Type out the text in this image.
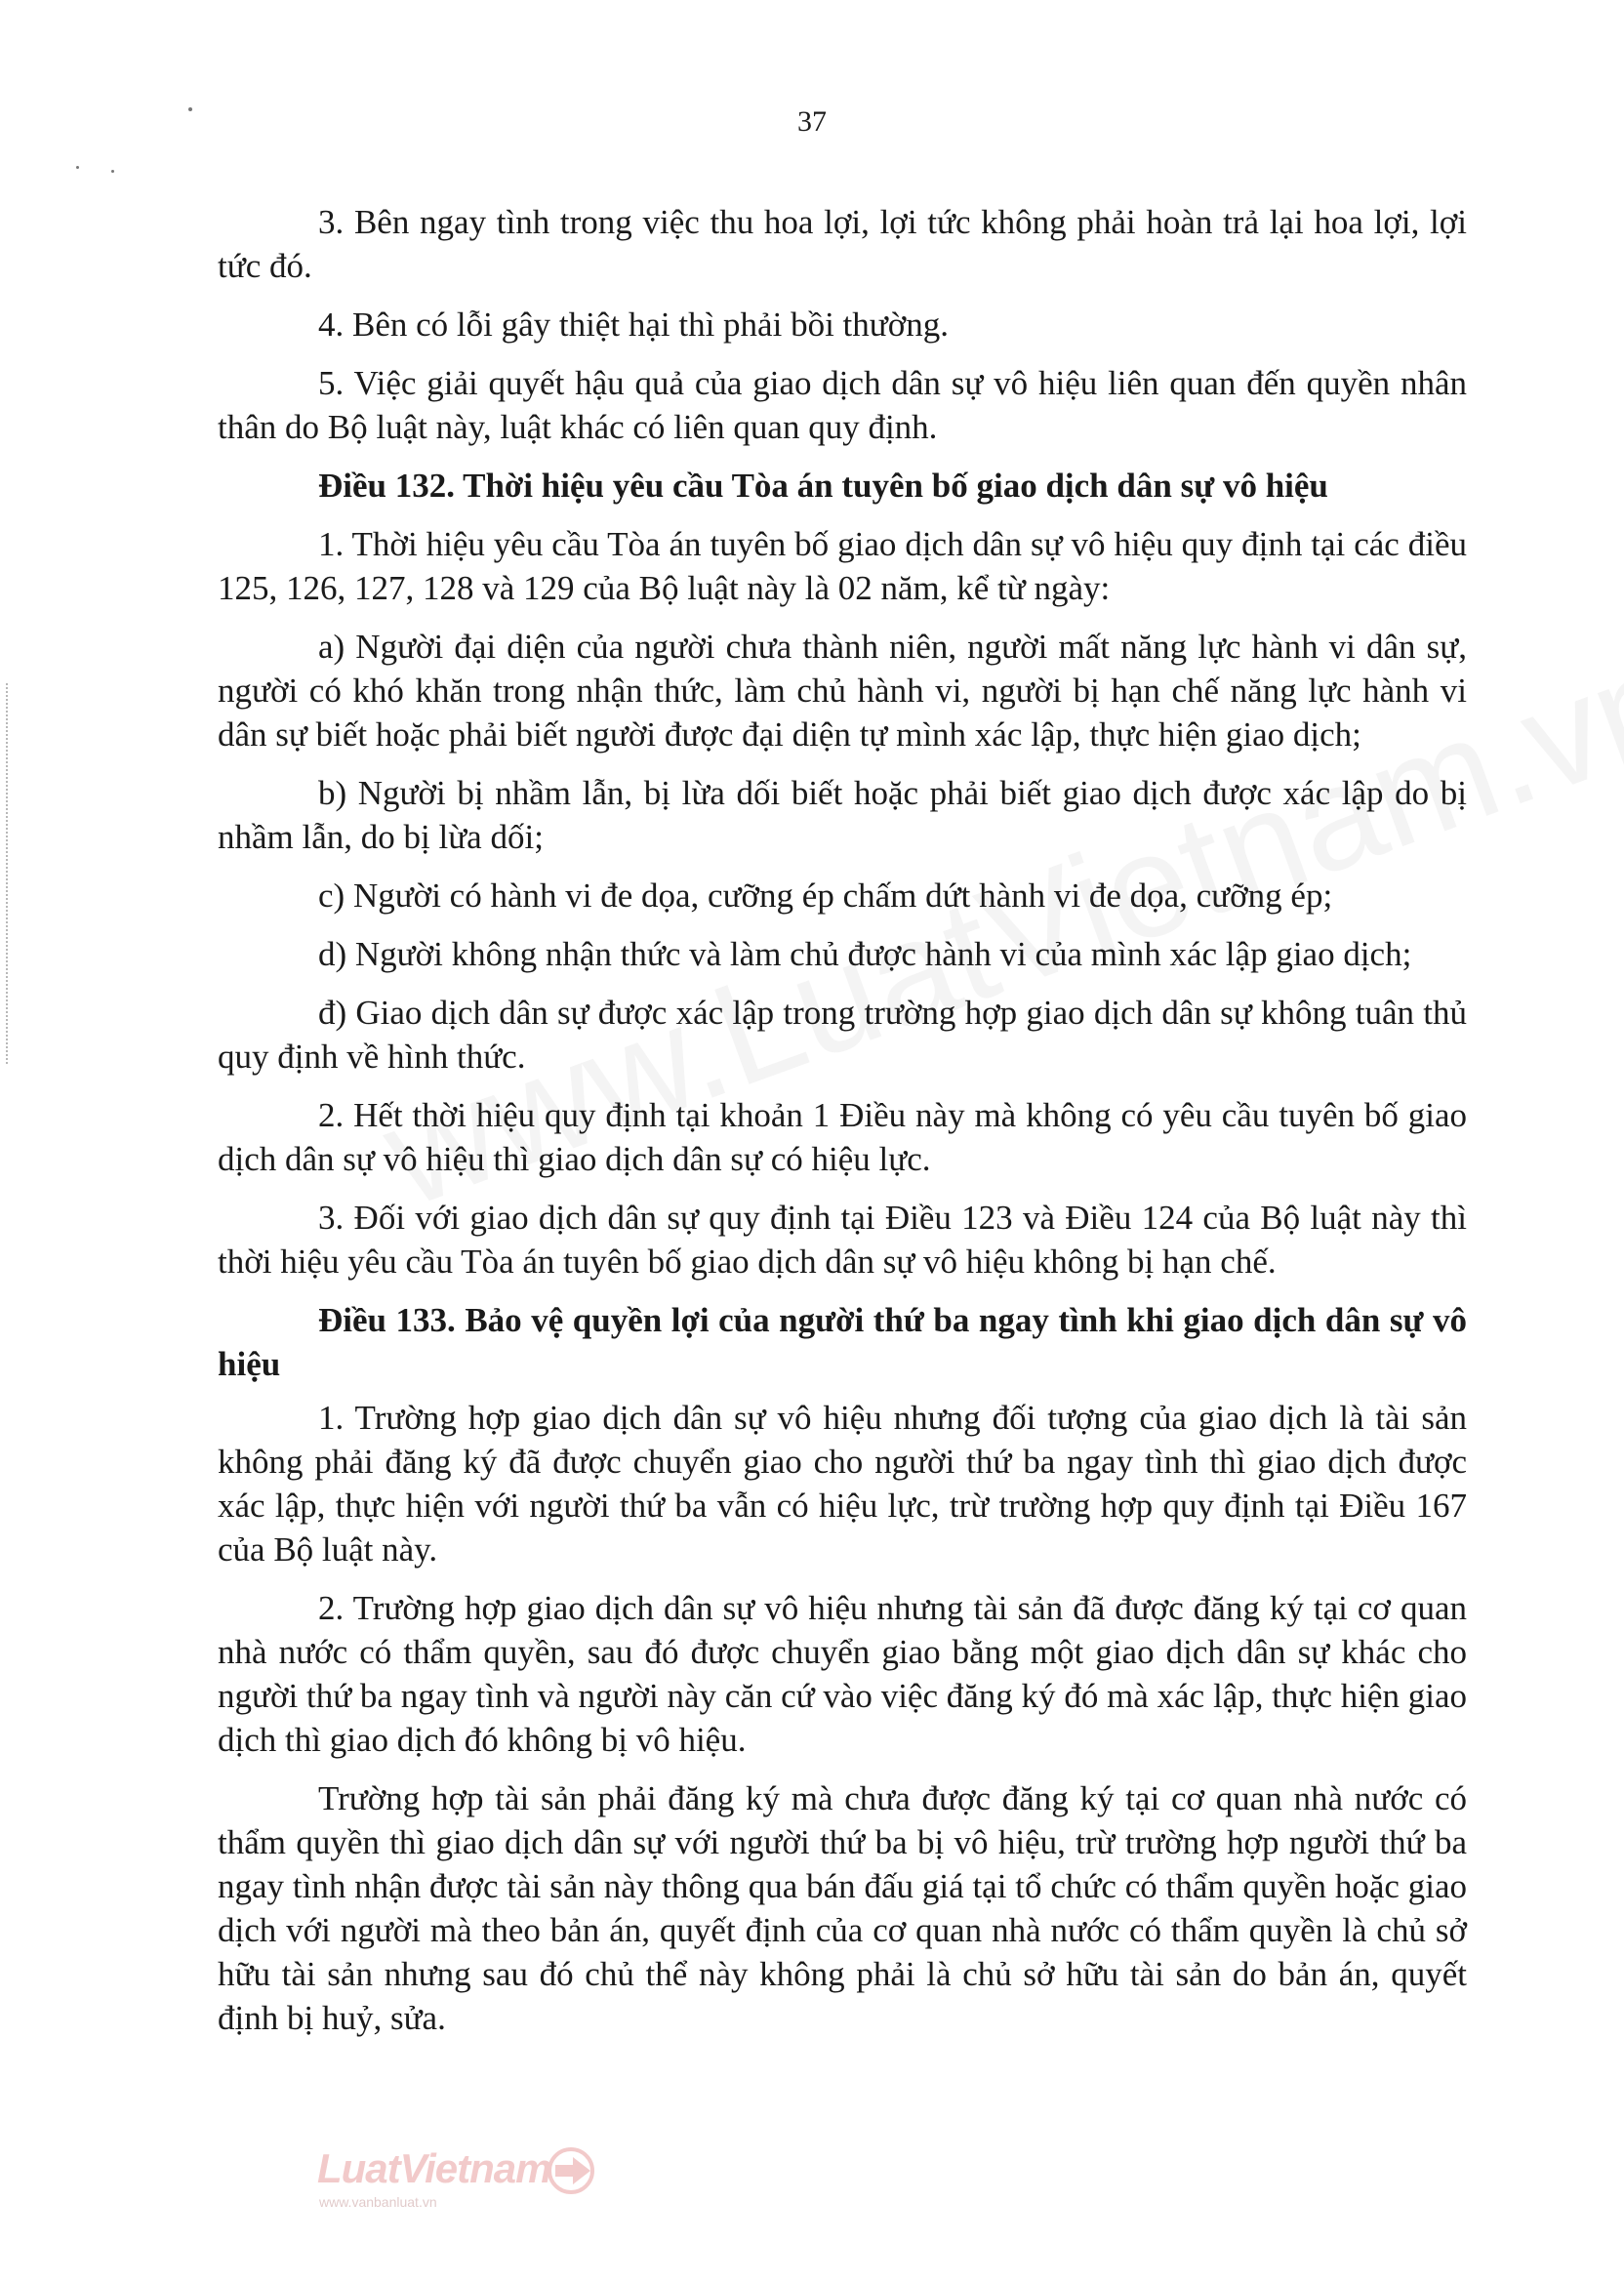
37

3. Bên ngay tình trong việc thu hoa lợi, lợi tức không phải hoàn trả lại hoa lợi, lợi tức đó.

4. Bên có lỗi gây thiệt hại thì phải bồi thường.

5. Việc giải quyết hậu quả của giao dịch dân sự vô hiệu liên quan đến quyền nhân thân do Bộ luật này, luật khác có liên quan quy định.

Điều 132. Thời hiệu yêu cầu Tòa án tuyên bố giao dịch dân sự vô hiệu

1. Thời hiệu yêu cầu Tòa án tuyên bố giao dịch dân sự vô hiệu quy định tại các điều 125, 126, 127, 128 và 129 của Bộ luật này là 02 năm, kể từ ngày:

a) Người đại diện của người chưa thành niên, người mất năng lực hành vi dân sự, người có khó khăn trong nhận thức, làm chủ hành vi, người bị hạn chế năng lực hành vi dân sự biết hoặc phải biết người được đại diện tự mình xác lập, thực hiện giao dịch;

b) Người bị nhầm lẫn, bị lừa dối biết hoặc phải biết giao dịch được xác lập do bị nhầm lẫn, do bị lừa dối;

c) Người có hành vi đe dọa, cưỡng ép chấm dứt hành vi đe dọa, cưỡng ép;

d) Người không nhận thức và làm chủ được hành vi của mình xác lập giao dịch;

đ) Giao dịch dân sự được xác lập trong trường hợp giao dịch dân sự không tuân thủ quy định về hình thức.

2. Hết thời hiệu quy định tại khoản 1 Điều này mà không có yêu cầu tuyên bố giao dịch dân sự vô hiệu thì giao dịch dân sự có hiệu lực.

3. Đối với giao dịch dân sự quy định tại Điều 123 và Điều 124 của Bộ luật này thì thời hiệu yêu cầu Tòa án tuyên bố giao dịch dân sự vô hiệu không bị hạn chế.

Điều 133. Bảo vệ quyền lợi của người thứ ba ngay tình khi giao dịch dân sự vô hiệu

1. Trường hợp giao dịch dân sự vô hiệu nhưng đối tượng của giao dịch là tài sản không phải đăng ký đã được chuyển giao cho người thứ ba ngay tình thì giao dịch được xác lập, thực hiện với người thứ ba vẫn có hiệu lực, trừ trường hợp quy định tại Điều 167 của Bộ luật này.

2. Trường hợp giao dịch dân sự vô hiệu nhưng tài sản đã được đăng ký tại cơ quan nhà nước có thẩm quyền, sau đó được chuyển giao bằng một giao dịch dân sự khác cho người thứ ba ngay tình và người này căn cứ vào việc đăng ký đó mà xác lập, thực hiện giao dịch thì giao dịch đó không bị vô hiệu.

Trường hợp tài sản phải đăng ký mà chưa được đăng ký tại cơ quan nhà nước có thẩm quyền thì giao dịch dân sự với người thứ ba bị vô hiệu, trừ trường hợp người thứ ba ngay tình nhận được tài sản này thông qua bán đấu giá tại tổ chức có thẩm quyền hoặc giao dịch với người mà theo bản án, quyết định của cơ quan nhà nước có thẩm quyền là chủ sở hữu tài sản nhưng sau đó chủ thể này không phải là chủ sở hữu tài sản do bản án, quyết định bị huỷ, sửa.

LuatVietnam
www.vanbanluat.vn
